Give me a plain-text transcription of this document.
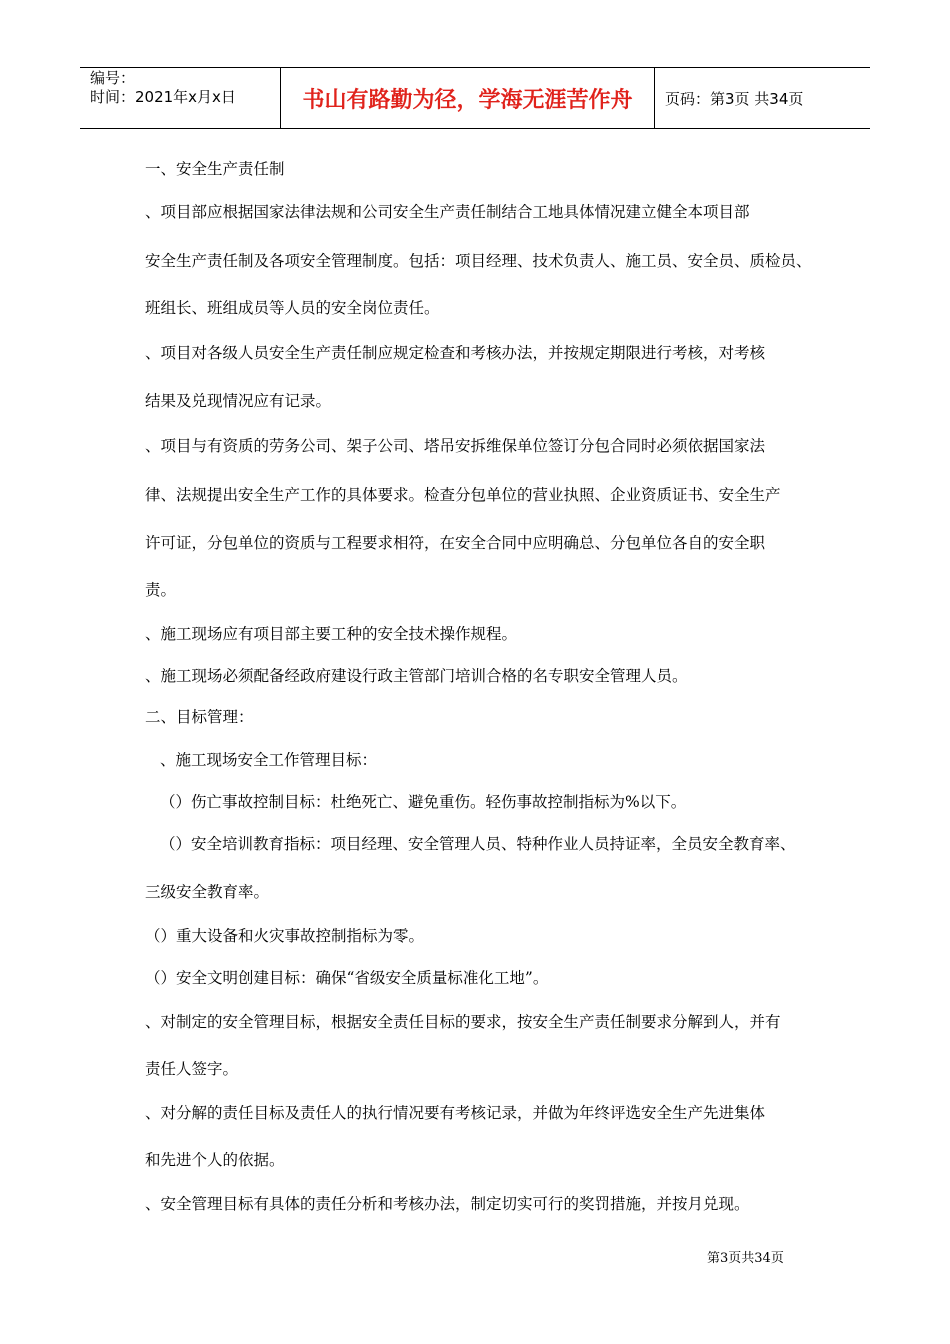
编号：
时间：2021年x月x日	书山有路勤为径，学海无涯苦作舟 页码：第3页 共34页
一、安全生产责任制
、项目部应根据国家法律法规和公司安全生产责任制结合工地具体情况建立健全本项目部
安全生产责任制及各项安全管理制度。包括：项目经理、技术负责人、施工员、安全员、质检员、
班组长、班组成员等人员的安全岗位责任。
、项目对各级人员安全生产责任制应规定检查和考核办法，并按规定期限进行考核，对考核
结果及兑现情况应有记录。
、项目与有资质的劳务公司、架子公司、塔吊安拆维保单位签订分包合同时必须依据国家法
律、法规提出安全生产工作的具体要求。检查分包单位的营业执照、企业资质证书、安全生产
许可证，分包单位的资质与工程要求相符，在安全合同中应明确总、分包单位各自的安全职
责。
、施工现场应有项目部主要工种的安全技术操作规程。
、施工现场必须配备经政府建设行政主管部门培训合格的名专职安全管理人员。
二、目标管理：
、施工现场安全工作管理目标：
（）伤亡事故控制目标：杜绝死亡、避免重伤。轻伤事故控制指标为%以下。
（）安全培训教育指标：项目经理、安全管理人员、特种作业人员持证率，全员安全教育率、
三级安全教育率。
（）重大设备和火灾事故控制指标为零。
（）安全文明创建目标：确保“省级安全质量标准化工地”。
、对制定的安全管理目标，根据安全责任目标的要求，按安全生产责任制要求分解到人，并有
责任人签字。
、对分解的责任目标及责任人的执行情况要有考核记录，并做为年终评选安全生产先进集体
和先进个人的依据。
、安全管理目标有具体的责任分析和考核办法，制定切实可行的奖罚措施，并按月兑现。
第3页共34页
